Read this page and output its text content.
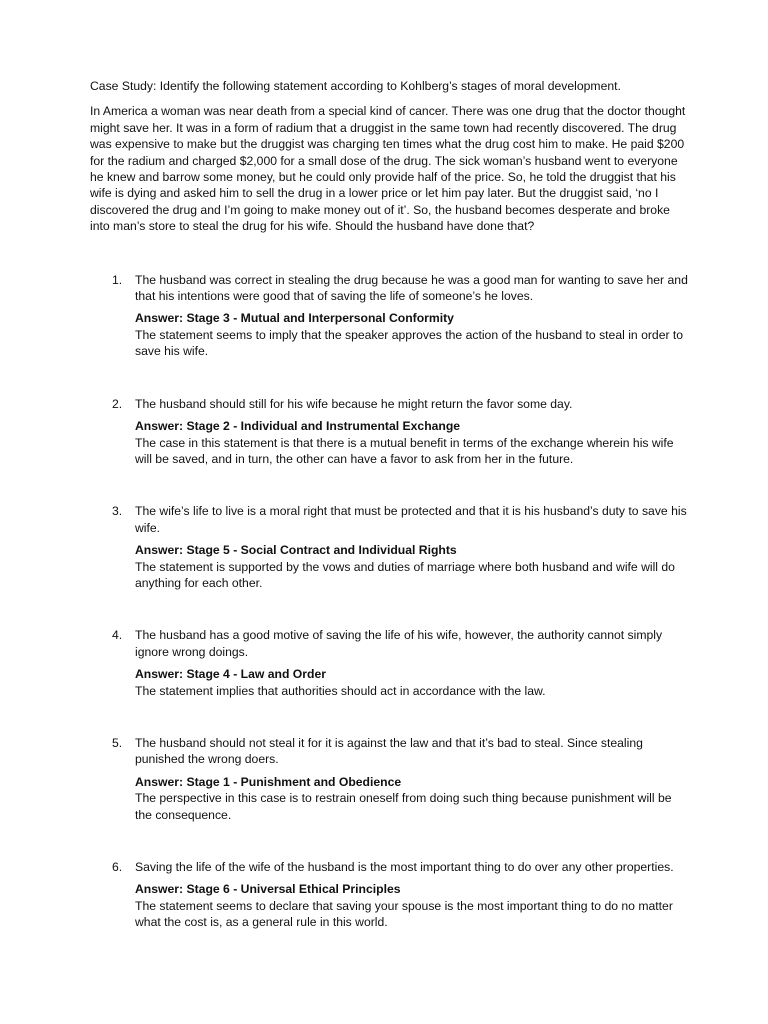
Case Study: Identify the following statement according to Kohlberg’s stages of moral development.

In America a woman was near death from a special kind of cancer. There was one drug that the doctor thought might save her. It was in a form of radium that a druggist in the same town had recently discovered. The drug was expensive to make but the druggist was charging ten times what the drug cost him to make. He paid $200 for the radium and charged $2,000 for a small dose of the drug. The sick woman’s husband went to everyone he knew and barrow some money, but he could only provide half of the price. So, he told the druggist that his wife is dying and asked him to sell the drug in a lower price or let him pay later. But the druggist said, ‘no I discovered the drug and I’m going to make money out of it’. So, the husband becomes desperate and broke into man’s store to steal the drug for his wife. Should the husband have done that?

1. The husband was correct in stealing the drug because he was a good man for wanting to save her and that his intentions were good that of saving the life of someone’s he loves.

Answer: Stage 3 - Mutual and Interpersonal Conformity

The statement seems to imply that the speaker approves the action of the husband to steal in order to save his wife.

2. The husband should still for his wife because he might return the favor some day.

Answer: Stage 2 - Individual and Instrumental Exchange

The case in this statement is that there is a mutual benefit in terms of the exchange wherein his wife will be saved, and in turn, the other can have a favor to ask from her in the future.

3. The wife’s life to live is a moral right that must be protected and that it is his husband’s duty to save his wife.

Answer: Stage 5 - Social Contract and Individual Rights

The statement is supported by the vows and duties of marriage where both husband and wife will do anything for each other.

4. The husband has a good motive of saving the life of his wife, however, the authority cannot simply ignore wrong doings.

Answer: Stage 4 - Law and Order

The statement implies that authorities should act in accordance with the law.

5. The husband should not steal it for it is against the law and that it’s bad to steal. Since stealing punished the wrong doers.

Answer: Stage 1 - Punishment and Obedience

The perspective in this case is to restrain oneself from doing such thing because punishment will be the consequence.

6. Saving the life of the wife of the husband is the most important thing to do over any other properties.

Answer: Stage 6 - Universal Ethical Principles

The statement seems to declare that saving your spouse is the most important thing to do no matter what the cost is, as a general rule in this world.
